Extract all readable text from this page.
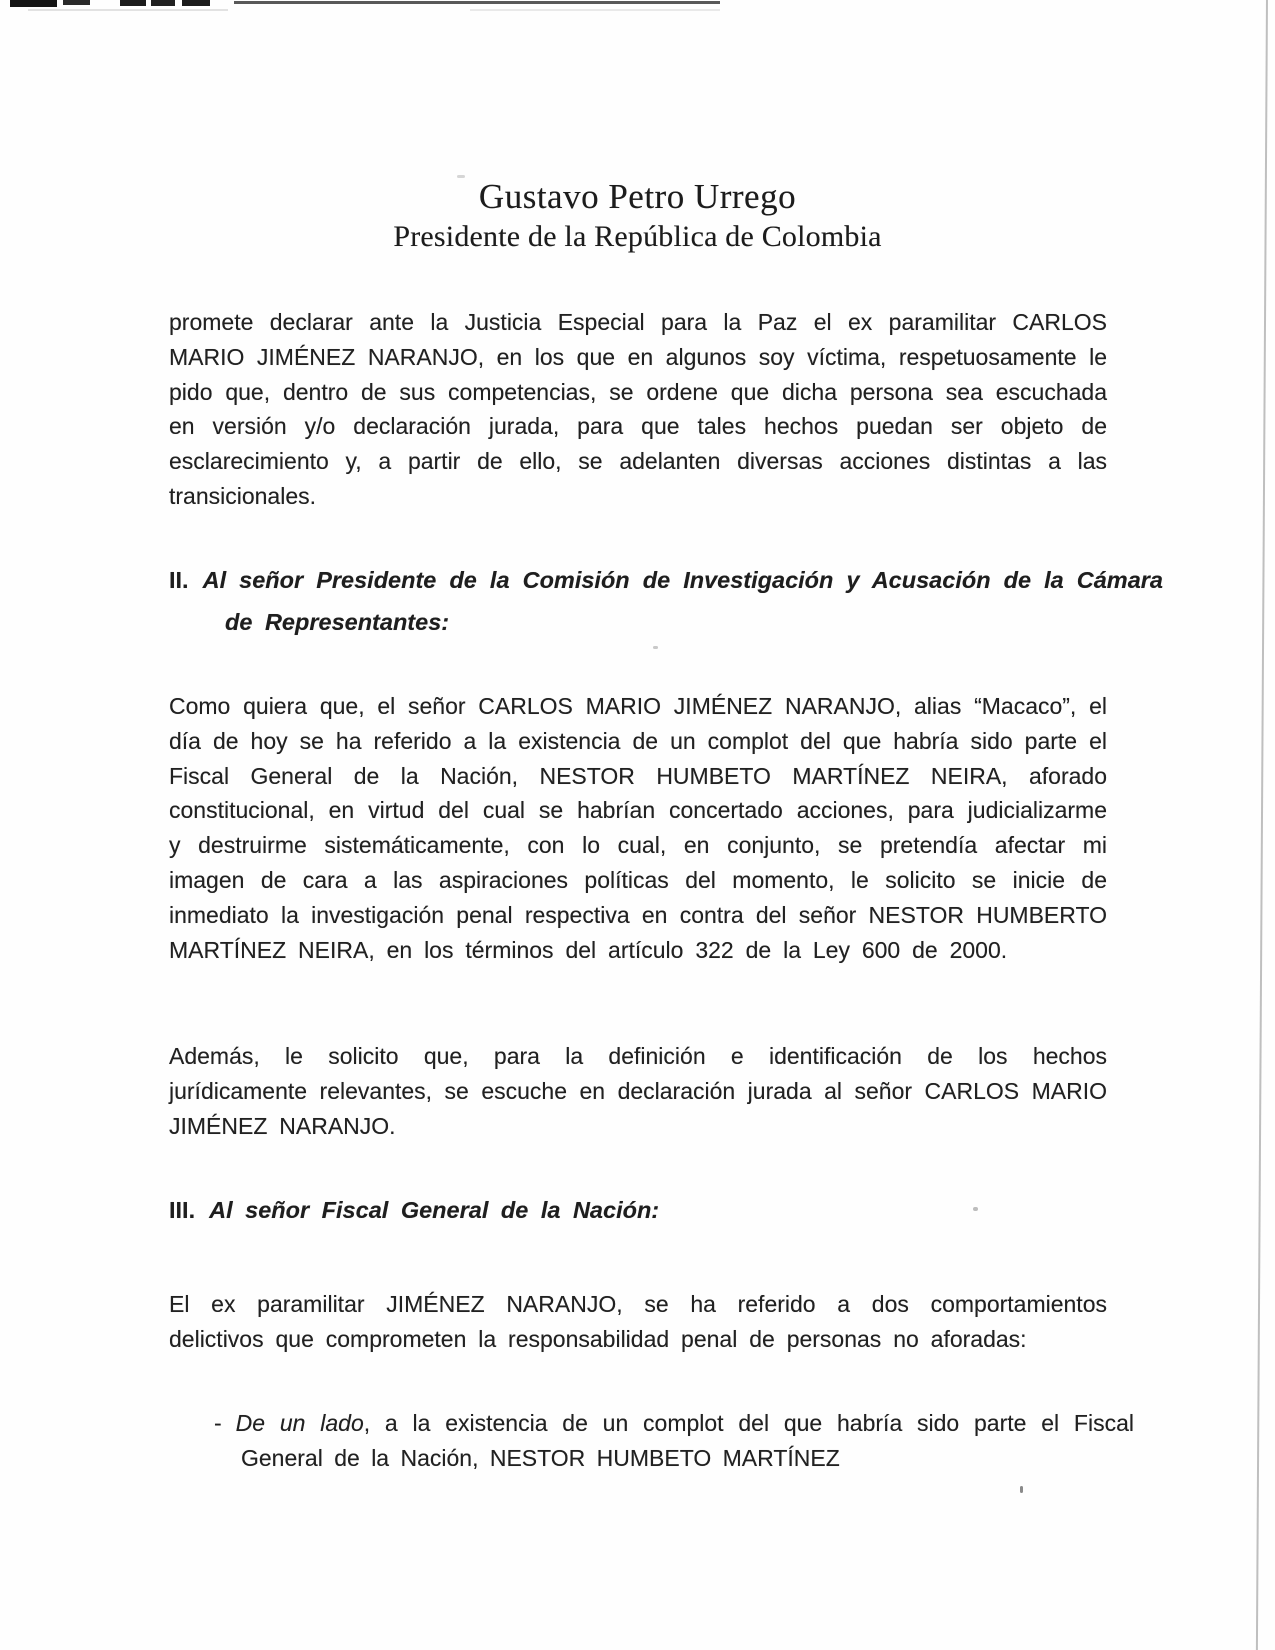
Gustavo Petro Urrego
Presidente de la República de Colombia

promete declarar ante la Justicia Especial para la Paz el ex paramilitar CARLOS MARIO JIMÉNEZ NARANJO, en los que en algunos soy víctima, respetuosamente le pido que, dentro de sus competencias, se ordene que dicha persona sea escuchada en versión y/o declaración jurada, para que tales hechos puedan ser objeto de esclarecimiento y, a partir de ello, se adelanten diversas acciones distintas a las transicionales.

II. Al señor Presidente de la Comisión de Investigación y Acusación de la Cámara de Representantes:

Como quiera que, el señor CARLOS MARIO JIMÉNEZ NARANJO, alias “Macaco”, el día de hoy se ha referido a la existencia de un complot del que habría sido parte el Fiscal General de la Nación, NESTOR HUMBETO MARTÍNEZ NEIRA, aforado constitucional, en virtud del cual se habrían concertado acciones, para judicializarme y destruirme sistemáticamente, con lo cual, en conjunto, se pretendía afectar mi imagen de cara a las aspiraciones políticas del momento, le solicito se inicie de inmediato la investigación penal respectiva en contra del señor NESTOR HUMBERTO MARTÍNEZ NEIRA, en los términos del artículo 322 de la Ley 600 de 2000.

Además, le solicito que, para la definición e identificación de los hechos jurídicamente relevantes, se escuche en declaración jurada al señor CARLOS MARIO JIMÉNEZ NARANJO.

III. Al señor Fiscal General de la Nación:

El ex paramilitar JIMÉNEZ NARANJO, se ha referido a dos comportamientos delictivos que comprometen la responsabilidad penal de personas no aforadas:

- De un lado, a la existencia de un complot del que habría sido parte el Fiscal General de la Nación, NESTOR HUMBETO MARTÍNEZ
